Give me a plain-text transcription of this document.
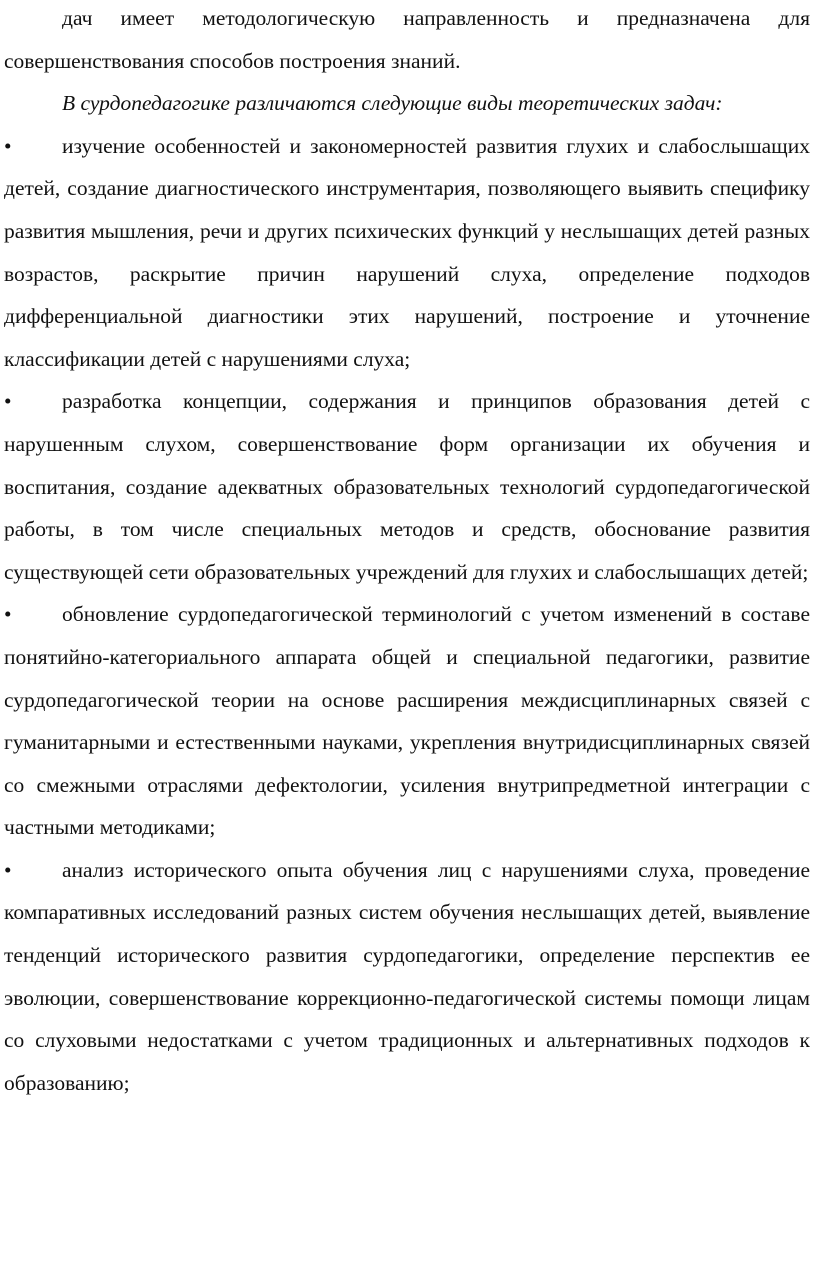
дач имеет методологическую направленность и предназначена для совершенствования способов построения знаний.

В сурдопедагогике различаются следующие виды теоретических задач:

• изучение особенностей и закономерностей развития глухих и слабослышащих детей, создание диагностического инструментария, позволяющего выявить специфику развития мышления, речи и других психических функций у неслышащих детей разных возрастов, раскрытие причин нарушений слуха, определение подходов дифференциальной диагностики этих нарушений, построение и уточнение классификации детей с нарушениями слуха;

• разработка концепции, содержания и принципов образования детей с нарушенным слухом, совершенствование форм организации их обучения и воспитания, создание адекватных образовательных технологий сурдопедагогической работы, в том числе специальных методов и средств, обоснование развития существующей сети образовательных учреждений для глухих и слабослышащих детей;

• обновление сурдопедагогической терминологий с учетом изменений в составе понятийно-категориального аппарата общей и специальной педагогики, развитие сурдопедагогической теории на основе расширения междисциплинарных связей с гуманитарными и естественными науками, укрепления внутридисциплинарных связей со смежными отраслями дефектологии, усиления внутрипредметной интеграции с частными методиками;

• анализ исторического опыта обучения лиц с нарушениями слуха, проведение компаративных исследований разных систем обучения неслышащих детей, выявление тенденций исторического развития сурдопедагогики, определение перспектив ее эволюции, совершенствование коррекционно-педагогической системы помощи лицам со слуховыми недостатками с учетом традиционных и альтернативных подходов к образованию;
